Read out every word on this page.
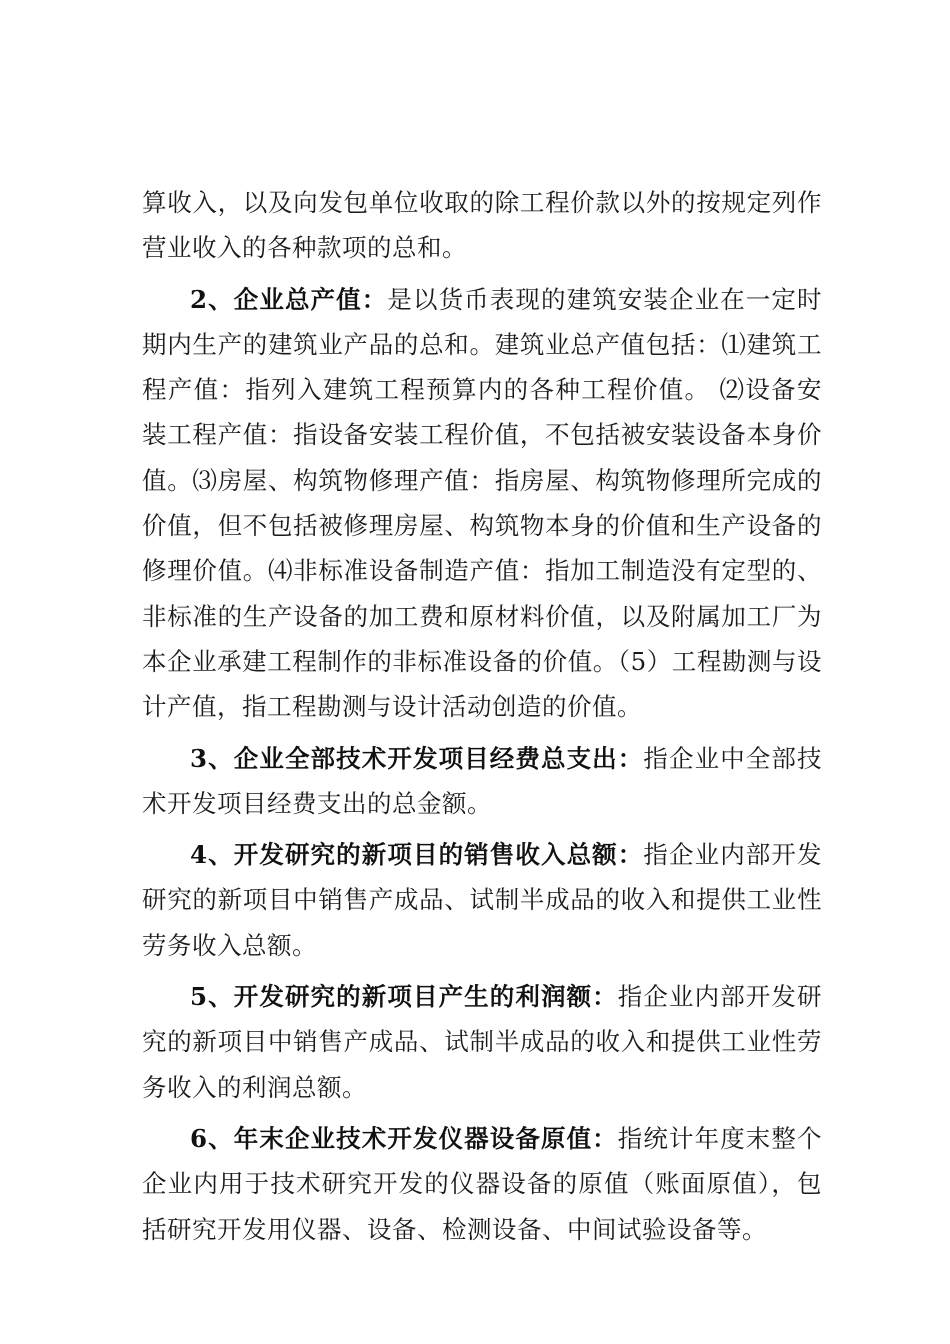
算收入，以及向发包单位收取的除工程价款以外的按规定列作营业收入的各种款项的总和。

2、企业总产值：是以货币表现的建筑安装企业在一定时期内生产的建筑业产品的总和。建筑业总产值包括：⑴建筑工程产值：指列入建筑工程预算内的各种工程价值。 ⑵设备安装工程产值：指设备安装工程价值，不包括被安装设备本身价值。⑶房屋、构筑物修理产值：指房屋、构筑物修理所完成的价值，但不包括被修理房屋、构筑物本身的价值和生产设备的修理价值。⑷非标准设备制造产值：指加工制造没有定型的、非标准的生产设备的加工费和原材料价值，以及附属加工厂为本企业承建工程制作的非标准设备的价值。（5）工程勘测与设计产值，指工程勘测与设计活动创造的价值。

3、企业全部技术开发项目经费总支出：指企业中全部技术开发项目经费支出的总金额。

4、开发研究的新项目的销售收入总额：指企业内部开发研究的新项目中销售产成品、试制半成品的收入和提供工业性劳务收入总额。

5、开发研究的新项目产生的利润额：指企业内部开发研究的新项目中销售产成品、试制半成品的收入和提供工业性劳务收入的利润总额。

6、年末企业技术开发仪器设备原值：指统计年度末整个企业内用于技术研究开发的仪器设备的原值（账面原值），包括研究开发用仪器、设备、检测设备、中间试验设备等。
